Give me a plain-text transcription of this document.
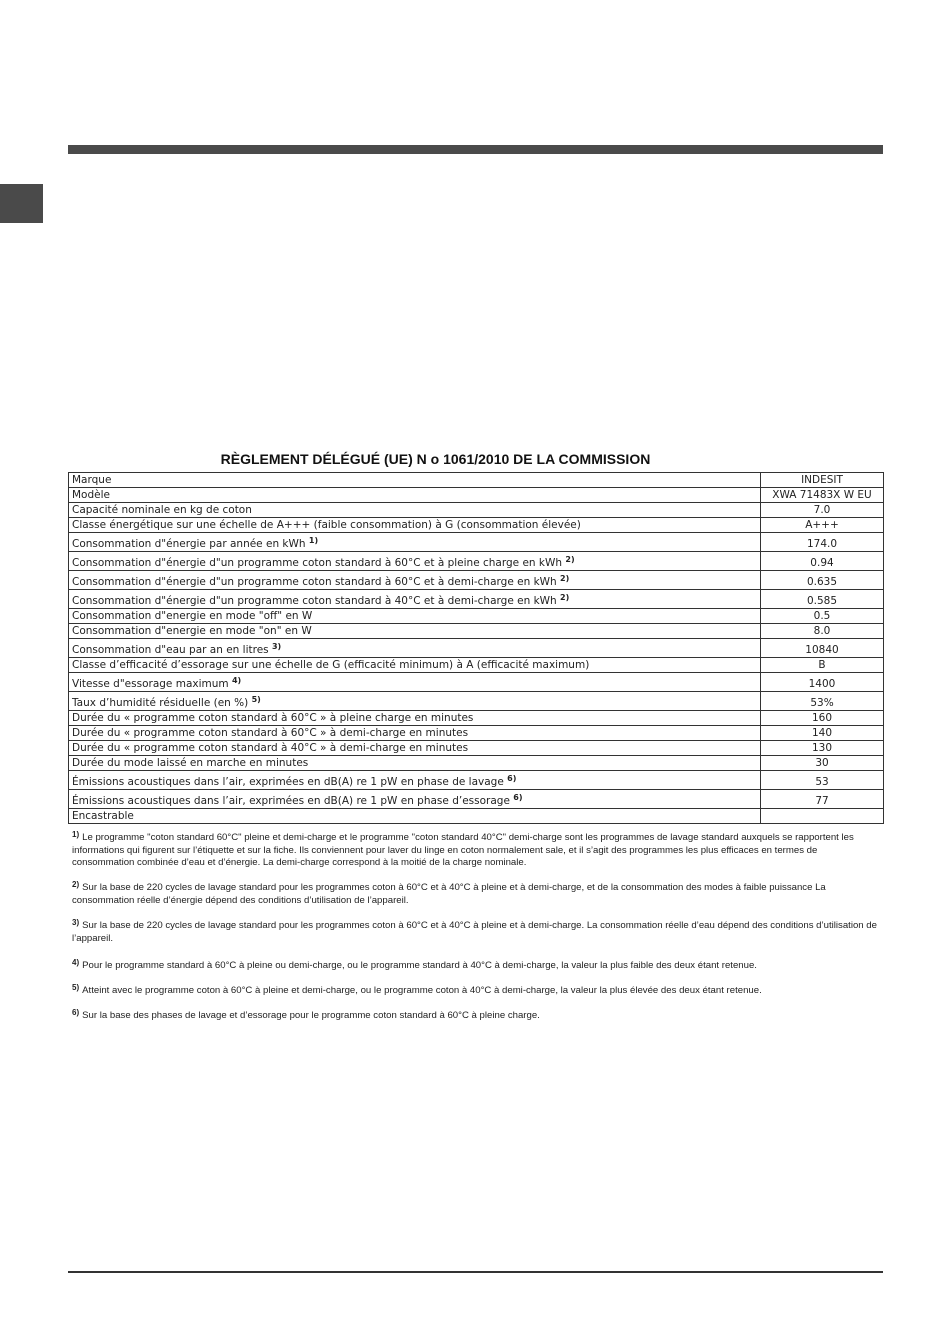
RÈGLEMENT DÉLÉGUÉ (UE) N o 1061/2010 DE LA COMMISSION
Marque	INDESIT
Modèle	XWA 71483X W EU
Capacité nominale en kg de coton	7.0
Classe énergétique sur une échelle de A+++ (faible consommation) à G (consommation élevée)	A+++
Consommation d"énergie par année en kWh $^{1)}$	174.0
Consommation d"énergie d"un programme coton standard à 60°C et à pleine charge en kWh $^{2)}$	0.94
Consommation d"énergie d"un programme coton standard à 60°C et à demi-charge en kWh $^{2)}$	0.635
Consommation d"énergie d"un programme coton standard à 40°C et à demi-charge en kWh $^{2)}$	0.585
Consommation d"energie en mode "off" en W	0.5
Consommation d"energie en mode "on" en W	8.0
Consommation d"eau par an en litres $^{3)}$	10840
Classe d’efficacité d’essorage sur une échelle de G (efficacité minimum) à A (efficacité maximum)	B
Vitesse d"essorage maximum $^{4)}$	1400
Taux d’humidité résiduelle (en %) $^{5)}$	53%
Durée du « programme coton standard à 60°C » à pleine charge en minutes	160
Durée du « programme coton standard à 60°C » à demi-charge en minutes	140
Durée du « programme coton standard à 40°C » à demi-charge en minutes	130
Durée du mode laissé en marche en minutes	30
Émissions acoustiques dans l’air, exprimées en dB(A) re 1 pW en phase de lavage $^{6)}$	53
Émissions acoustiques dans l’air, exprimées en dB(A) re 1 pW en phase d’essorage $^{6)}$	77
Encastrable	

$^{1)}$ Le programme "coton standard 60°C" pleine et demi-charge et le programme "coton standard 40°C" demi-charge sont les programmes de lavage standard auxquels se rapportent les informations qui figurent sur l’étiquette et sur la fiche. Ils conviennent pour laver du linge en coton normalement sale, et il s’agit des programmes les plus efficaces en termes de consommation combinée d’eau et d’énergie. La demi-charge correspond à la moitié de la charge nominale.

$^{2)}$ Sur la base de 220 cycles de lavage standard pour les programmes coton à 60°C et à 40°C à pleine et à demi-charge, et de la consommation des modes à faible puissance La consommation réelle d’énergie dépend des conditions d’utilisation de l’appareil.

$^{3)}$ Sur la base de 220 cycles de lavage standard pour les programmes coton à 60°C et à 40°C à pleine et à demi-charge. La consommation réelle d’eau dépend des conditions d’utilisation de l’appareil.

$^{4)}$ Pour le programme standard à 60°C à pleine ou demi-charge, ou le programme standard à 40°C à demi-charge, la valeur la plus faible des deux étant retenue.

$^{5)}$ Atteint avec le programme coton à 60°C à pleine et demi-charge, ou le programme coton à 40°C à demi-charge, la valeur la plus élevée des deux étant retenue.

$^{6)}$ Sur la base des phases de lavage et d’essorage pour le programme coton standard à 60°C à pleine charge.
